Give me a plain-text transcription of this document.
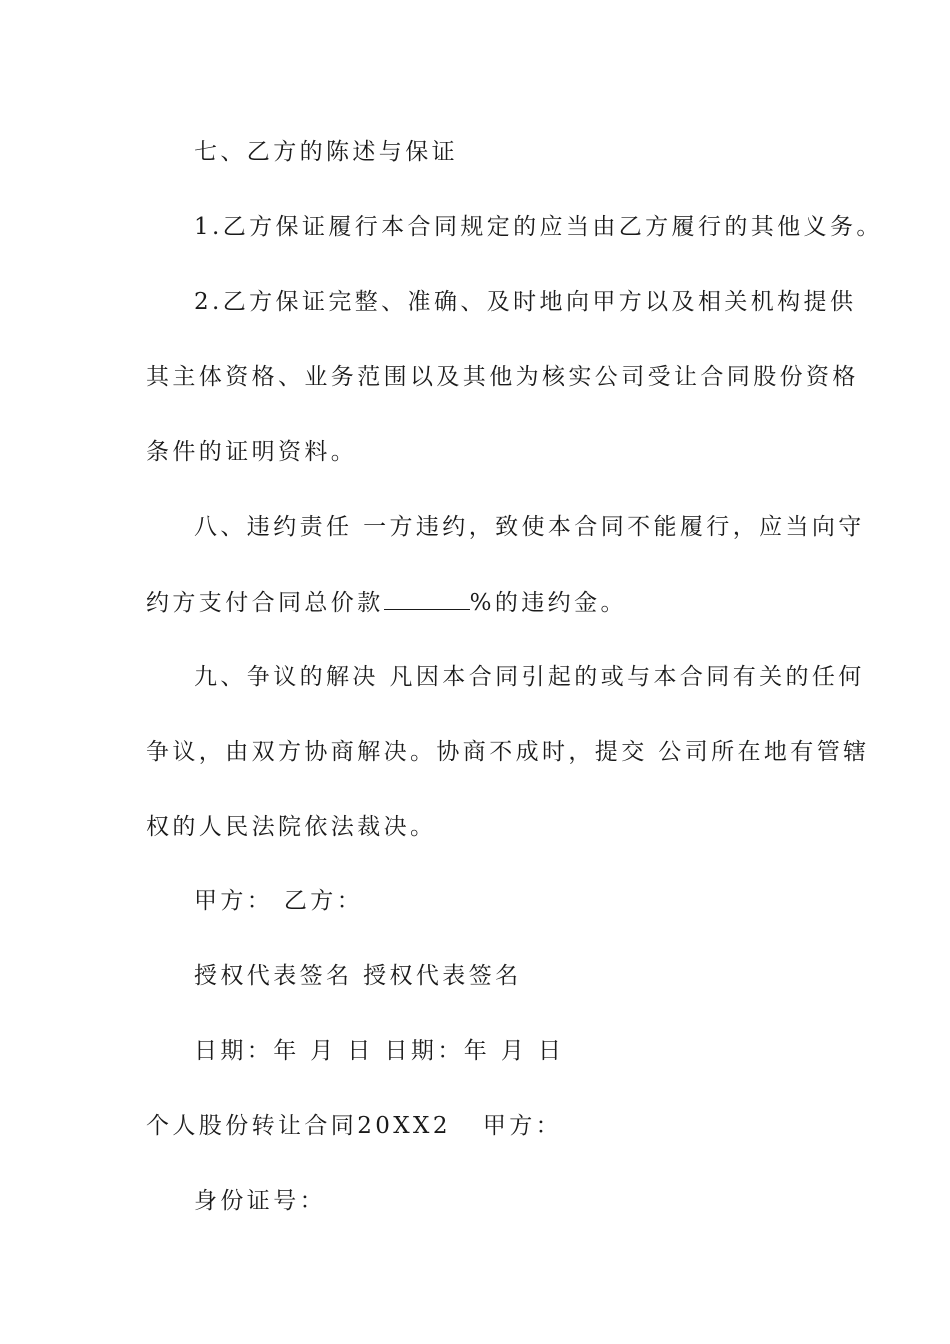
七、乙方的陈述与保证
1.乙方保证履行本合同规定的应当由乙方履行的其他义务。
2.乙方保证完整、准确、及时地向甲方以及相关机构提供
其主体资格、业务范围以及其他为核实公司受让合同股份资格
条件的证明资料。
八、违约责任 一方违约，致使本合同不能履行，应当向守
约方支付合同总价款	%的违约金。
九、争议的解决 凡因本合同引起的或与本合同有关的任何
争议，由双方协商解决。协商不成时，提交 公司所在地有管辖
权的人民法院依法裁决。
甲方： 乙方：
授权代表签名 授权代表签名
日期：年 月 日 日期：年 月 日
个人股份转让合同20XX2 甲方：
身份证号：
